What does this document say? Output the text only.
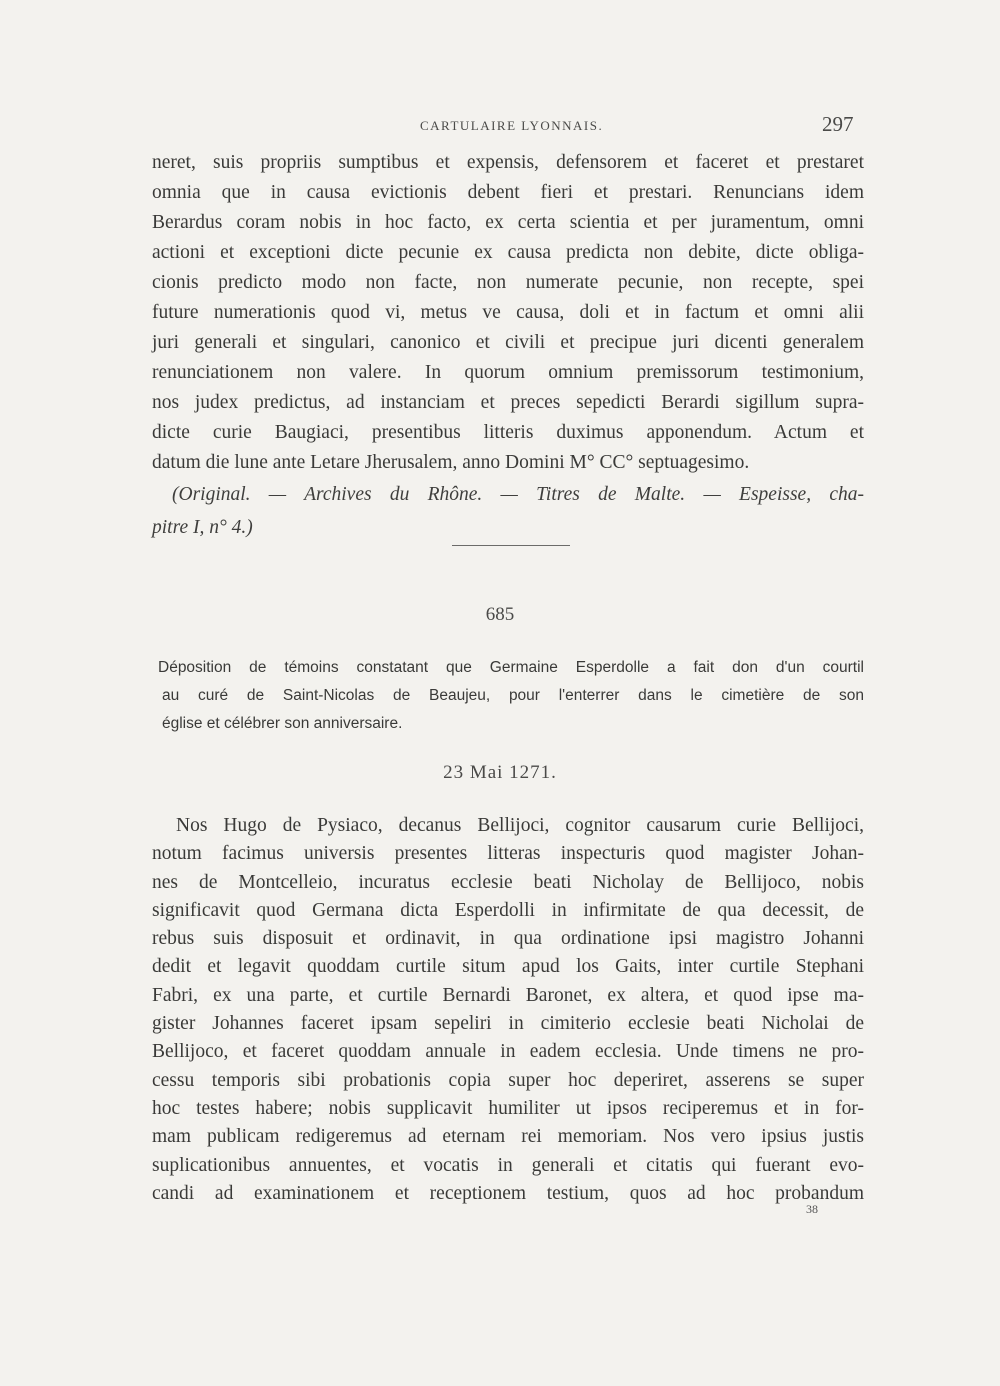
CARTULAIRE LYONNAIS.	297
neret, suis propriis sumptibus et expensis, defensorem et faceret et prestaret
omnia que in causa evictionis debent fieri et prestari. Renuncians idem
Berardus coram nobis in hoc facto, ex certa scientia et per juramentum, omni
actioni et exceptioni dicte pecunie ex causa predicta non debite, dicte obliga-
cionis predicto modo non facte, non numerate pecunie, non recepte, spei
future numerationis quod vi, metus ve causa, doli et in factum et omni alii
juri generali et singulari, canonico et civili et precipue juri dicenti generalem
renunciationem non valere. In quorum omnium premissorum testimonium,
nos judex predictus, ad instanciam et preces sepedicti Berardi sigillum supra-
dicte curie Baugiaci, presentibus litteris duximus apponendum. Actum et
datum die lune ante Letare Jherusalem, anno Domini M° CC° septuagesimo.
(Original. — Archives du Rhône. — Titres de Malte. — Espeisse, cha-
pitre I, n° 4.)
685
Déposition de témoins constatant que Germaine Esperdolle a fait don d'un courtil
au curé de Saint-Nicolas de Beaujeu, pour l'enterrer dans le cimetière de son
église et célébrer son anniversaire.
23 Mai 1271.
Nos Hugo de Pysiaco, decanus Bellijoci, cognitor causarum curie Bellijoci,
notum facimus universis presentes litteras inspecturis quod magister Johan-
nes de Montcelleio, incuratus ecclesie beati Nicholay de Bellijoco, nobis
significavit quod Germana dicta Esperdolli in infirmitate de qua decessit, de
rebus suis disposuit et ordinavit, in qua ordinatione ipsi magistro Johanni
dedit et legavit quoddam curtile situm apud los Gaits, inter curtile Stephani
Fabri, ex una parte, et curtile Bernardi Baronet, ex altera, et quod ipse ma-
gister Johannes faceret ipsam sepeliri in cimiterio ecclesie beati Nicholai de
Bellijoco, et faceret quoddam annuale in eadem ecclesia. Unde timens ne pro-
cessu temporis sibi probationis copia super hoc deperiret, asserens se super
hoc testes habere; nobis supplicavit humiliter ut ipsos reciperemus et in for-
mam publicam redigeremus ad eternam rei memoriam. Nos vero ipsius justis
suplicationibus annuentes, et vocatis in generali et citatis qui fuerant evo-
candi ad examinationem et receptionem testium, quos ad hoc probandum
38
